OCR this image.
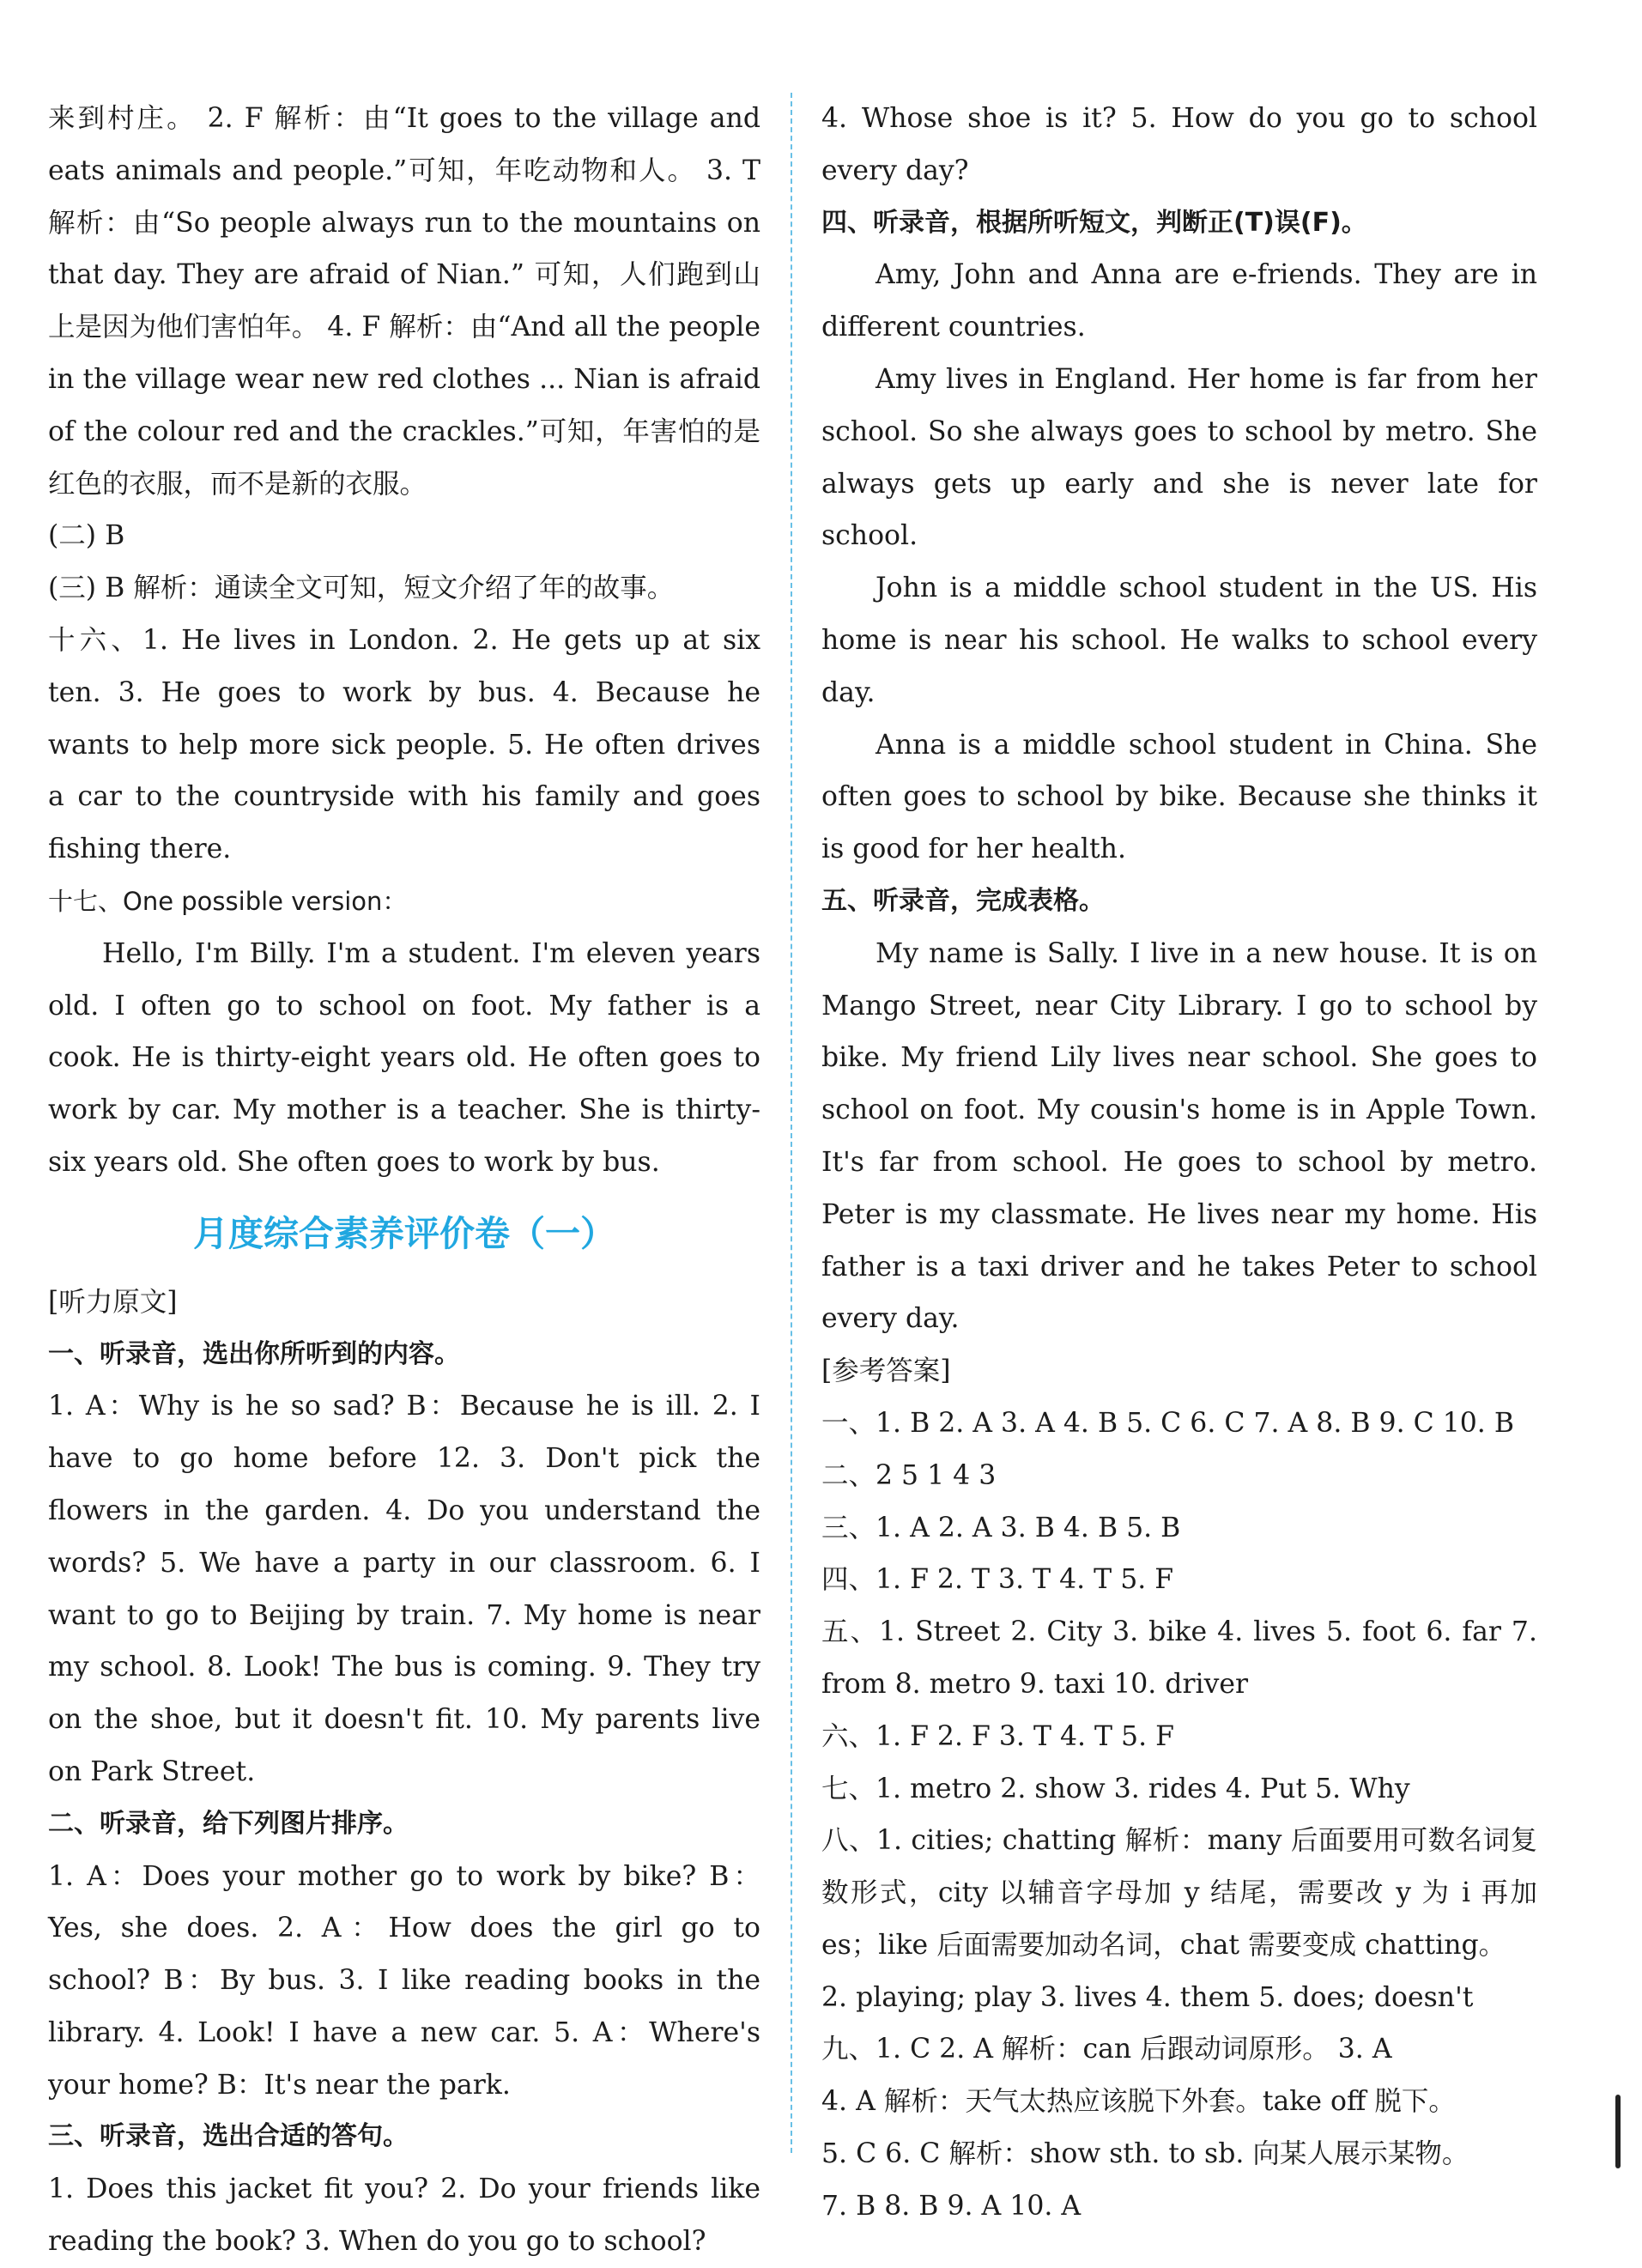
来到村庄。 2. F 解析：由“It goes to the village and eats animals and people.”可知，年吃动物和人。 3. T 解析：由“So people always run to the mountains on that day. They are afraid of Nian.” 可知，人们跑到山上是因为他们害怕年。 4. F 解析：由“And all the people in the village wear new red clothes ... Nian is afraid of the colour red and the crackles.”可知，年害怕的是红色的衣服，而不是新的衣服。

(二) B

(三) B 解析：通读全文可知，短文介绍了年的故事。

十六、1. He lives in London. 2. He gets up at six ten. 3. He goes to work by bus. 4. Because he wants to help more sick people. 5. He often drives a car to the countryside with his family and goes fishing there.

十七、One possible version：

Hello, I'm Billy. I'm a student. I'm eleven years old. I often go to school on foot. My father is a cook. He is thirty-eight years old. He often goes to work by car. My mother is a teacher. She is thirty-six years old. She often goes to work by bus.

月度综合素养评价卷（一）

[听力原文]

一、听录音，选出你所听到的内容。

1. A：Why is he so sad? B：Because he is ill. 2. I have to go home before 12. 3. Don't pick the flowers in the garden. 4. Do you understand the words? 5. We have a party in our classroom. 6. I want to go to Beijing by train. 7. My home is near my school. 8. Look! The bus is coming. 9. They try on the shoe, but it doesn't fit. 10. My parents live on Park Street.

二、听录音，给下列图片排序。

1. A：Does your mother go to work by bike? B：Yes, she does. 2. A：How does the girl go to school? B：By bus. 3. I like reading books in the library. 4. Look! I have a new car. 5. A：Where's your home? B：It's near the park.

三、听录音，选出合适的答句。

1. Does this jacket fit you? 2. Do your friends like reading the book? 3. When do you go to school?

4. Whose shoe is it? 5. How do you go to school every day?

四、听录音，根据所听短文，判断正(T)误(F)。

Amy, John and Anna are e-friends. They are in different countries.

Amy lives in England. Her home is far from her school. So she always goes to school by metro. She always gets up early and she is never late for school.

John is a middle school student in the US. His home is near his school. He walks to school every day.

Anna is a middle school student in China. She often goes to school by bike. Because she thinks it is good for her health.

五、听录音，完成表格。

My name is Sally. I live in a new house. It is on Mango Street, near City Library. I go to school by bike. My friend Lily lives near school. She goes to school on foot. My cousin's home is in Apple Town. It's far from school. He goes to school by metro. Peter is my classmate. He lives near my home. His father is a taxi driver and he takes Peter to school every day.

[参考答案]

一、1. B 2. A 3. A 4. B 5. C 6. C 7. A 8. B 9. C 10. B

二、2 5 1 4 3

三、1. A 2. A 3. B 4. B 5. B

四、1. F 2. T 3. T 4. T 5. F

五、1. Street 2. City 3. bike 4. lives 5. foot 6. far 7. from 8. metro 9. taxi 10. driver

六、1. F 2. F 3. T 4. T 5. F

七、1. metro 2. show 3. rides 4. Put 5. Why

八、1. cities; chatting 解析：many 后面要用可数名词复数形式，city 以辅音字母加 y 结尾，需要改 y 为 i 再加 es；like 后面需要加动名词，chat 需要变成 chatting。

2. playing; play 3. lives 4. them 5. does; doesn't

九、1. C 2. A 解析：can 后跟动词原形。 3. A

4. A 解析：天气太热应该脱下外套。take off 脱下。

5. C 6. C 解析：show sth. to sb. 向某人展示某物。

7. B 8. B 9. A 10. A
